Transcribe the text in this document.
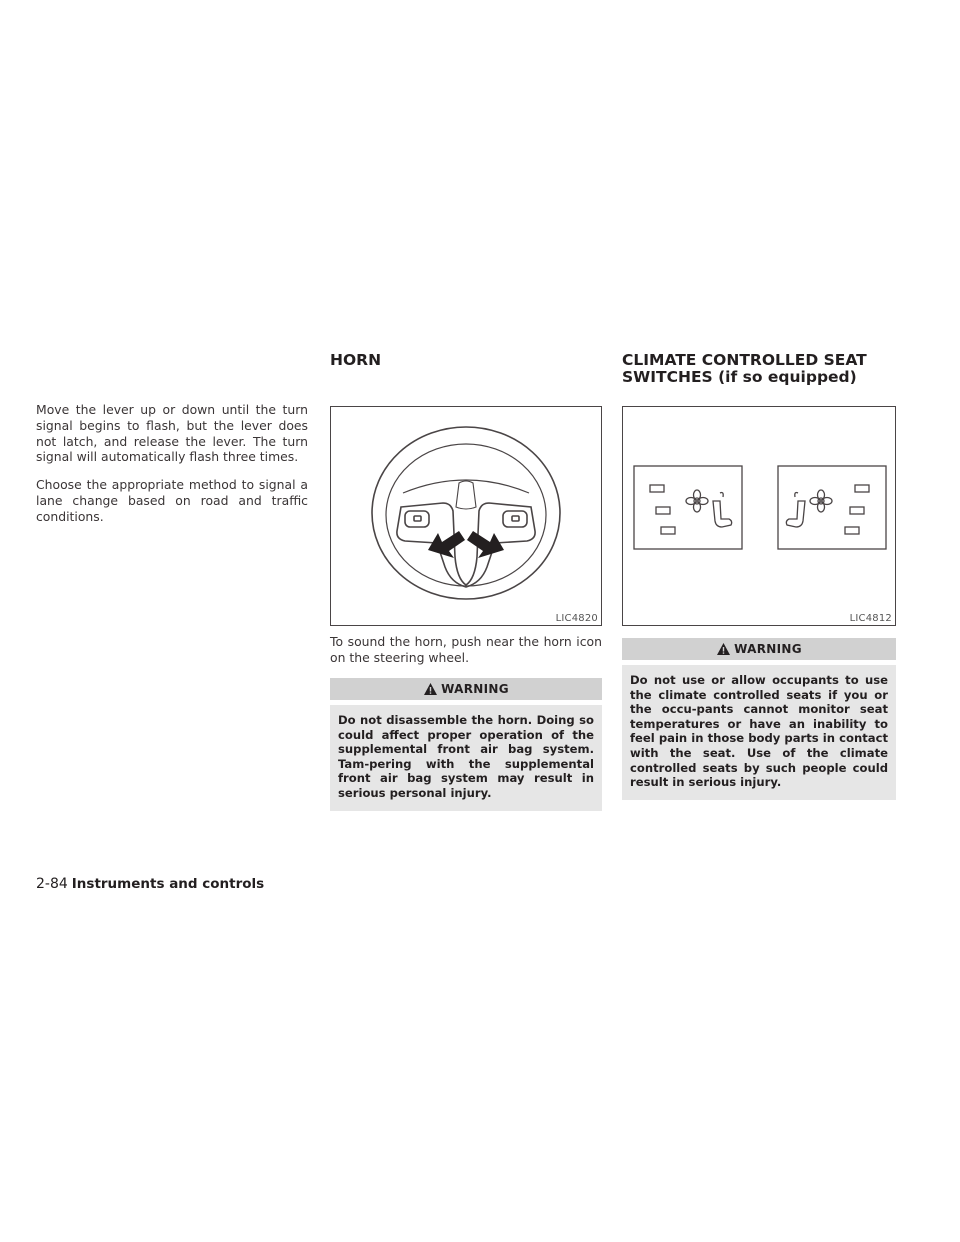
Move the lever up or down until the turn signal begins to flash, but the lever does not latch, and release the lever. The turn signal will automatically flash three times.

Choose the appropriate method to signal a lane change based on road and traffic conditions.

HORN
LIC4820

To sound the horn, push near the horn icon on the steering wheel.

WARNING
Do not disassemble the horn. Doing so could affect proper operation of the supplemental front air bag system. Tam-pering with the supplemental front air bag system may result in serious personal injury.
CLIMATE CONTROLLED SEAT
SWITCHES (if so equipped)
LIC4812
WARNING
Do not use or allow occupants to use the climate controlled seats if you or the occu-pants cannot monitor seat temperatures or have an inability to feel pain in those body parts in contact with the seat. Use of the climate controlled seats by such people could result in serious injury.
2-84 Instruments and controls
